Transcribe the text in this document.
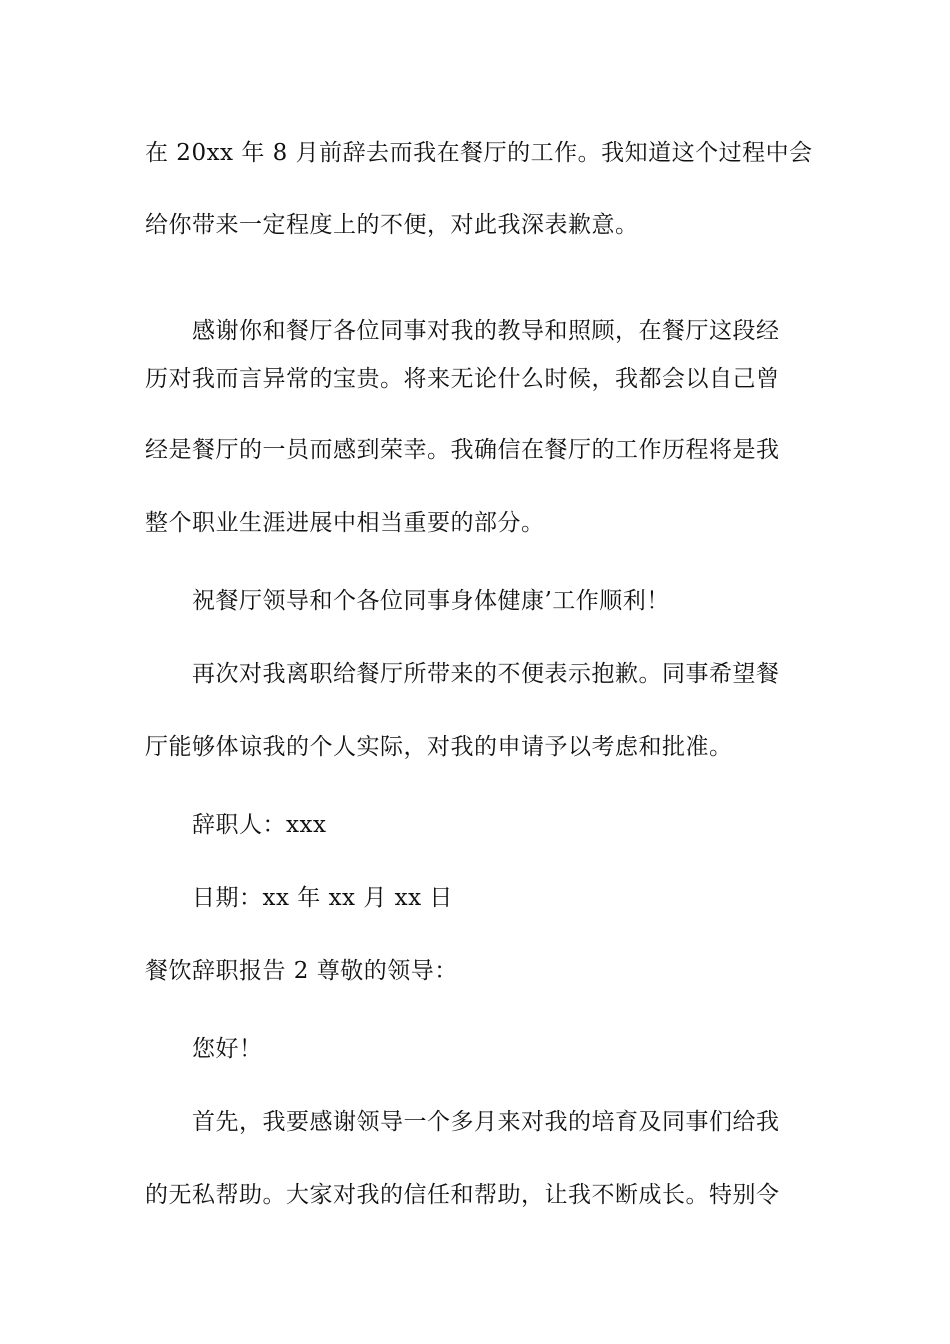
在 20xx 年 8 月前辞去而我在餐厅的工作。我知道这个过程中会
给你带来一定程度上的不便，对此我深表歉意。
感谢你和餐厅各位同事对我的教导和照顾，在餐厅这段经
历对我而言异常的宝贵。将来无论什么时候，我都会以自己曾
经是餐厅的一员而感到荣幸。我确信在餐厅的工作历程将是我
整个职业生涯进展中相当重要的部分。
祝餐厅领导和个各位同事身体健康’工作顺利！
再次对我离职给餐厅所带来的不便表示抱歉。同事希望餐
厅能够体谅我的个人实际，对我的申请予以考虑和批准。
辞职人：xxx
日期：xx 年 xx 月 xx 日
餐饮辞职报告 2 尊敬的领导：
您好！
首先，我要感谢领导一个多月来对我的培育及同事们给我
的无私帮助。大家对我的信任和帮助，让我不断成长。特别令
